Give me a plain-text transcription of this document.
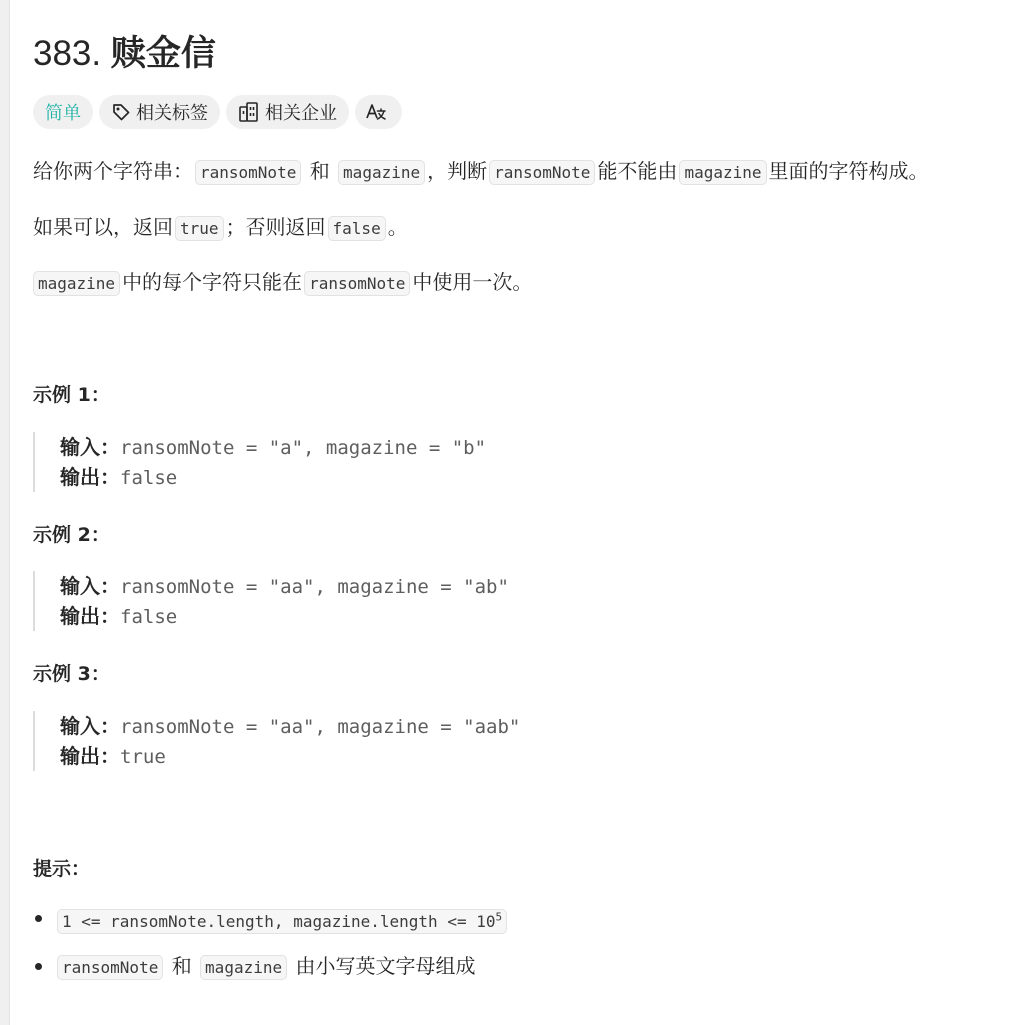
383. 赎金信
简单	相关标签	相关企业

给你两个字符串： ransomNote 和 magazine ，判断 ransomNote 能不能由 magazine 里面的字符构成。

如果可以，返回 true ；否则返回 false 。

magazine 中的每个字符只能在 ransomNote 中使用一次。

示例 1：

输入：ransomNote = "a", magazine = "b"
输出：false

示例 2：

输入：ransomNote = "aa", magazine = "ab"
输出：false

示例 3：

输入：ransomNote = "aa", magazine = "aab"
输出：true

提示：

1 <= ransomNote.length, magazine.length <= $10^5$
ransomNote 和 magazine 由小写英文字母组成
